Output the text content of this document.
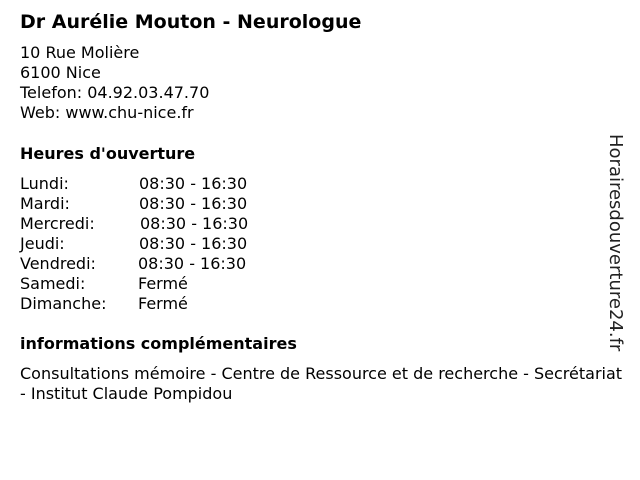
Dr Aurélie Mouton - Neurologue
10 Rue Molière
6100 Nice
Telefon: 04.92.03.47.70
Web: www.chu-nice.fr
Heures d'ouverture
Lundi:	08:30 - 16:30
Mardi:	08:30 - 16:30
Mercredi:	08:30 - 16:30
Jeudi:	08:30 - 16:30
Vendredi:	08:30 - 16:30
Samedi:	Fermé
Dimanche: Fermé
informations complémentaires
Consultations mémoire - Centre de Ressource et de recherche - Secrétariat - Institut Claude Pompidou
Horairesdouverture24.fr
